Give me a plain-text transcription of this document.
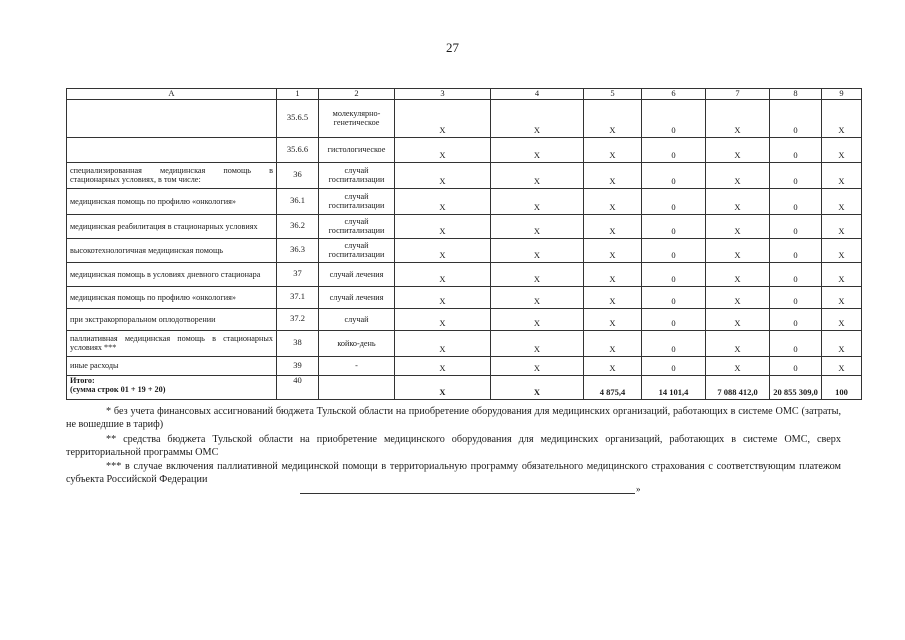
27
А	1	2	3	4	5	6	7	8	9
	35.6.5	молекулярно-генетическое	Х	Х	Х	0	Х	0	Х
	35.6.6	гистологическое	Х	Х	Х	0	Х	0	Х
специализированная медицинская помощь в стационарных условиях, в том числе:	36	случай госпитализации	Х	Х	Х	0	Х	0	Х
медицинская помощь по профилю «онкология»	36.1	случай госпитализации	Х	Х	Х	0	Х	0	Х
медицинская реабилитация в стационарных условиях	36.2	случай госпитализации	Х	Х	Х	0	Х	0	Х
высокотехнологичная медицинская помощь	36.3	случай госпитализации	Х	Х	Х	0	Х	0	Х
медицинская помощь в условиях дневного стационара	37	случай лечения	Х	Х	Х	0	Х	0	Х
медицинская помощь по профилю «онкология»	37.1	случай лечения	Х	Х	Х	0	Х	0	Х
при экстракорпоральном оплодотворении	37.2	случай	Х	Х	Х	0	Х	0	Х
паллиативная медицинская помощь в стационарных условиях ***	38	койко-день	Х	Х	Х	0	Х	0	Х
иные расходы	39	-	Х	Х	Х	0	Х	0	Х

Итого:
(сумма строк 01 + 19 + 20)	40		Х	Х	4 875,4	14 101,4	7 088 412,0	20 855 309,0	100

* без учета финансовых ассигнований бюджета Тульской области на приобретение оборудования для медицинских организаций, работающих в системе ОМС (затраты, не вошедшие в тариф)

** средства бюджета Тульской области на приобретение медицинского оборудования для медицинских организаций, работающих в системе ОМС, сверх территориальной программы ОМС

*** в случае включения паллиативной медицинской помощи в территориальную программу обязательного медицинского страхования с соответствующим платежом субъекта Российской Федерации

»
